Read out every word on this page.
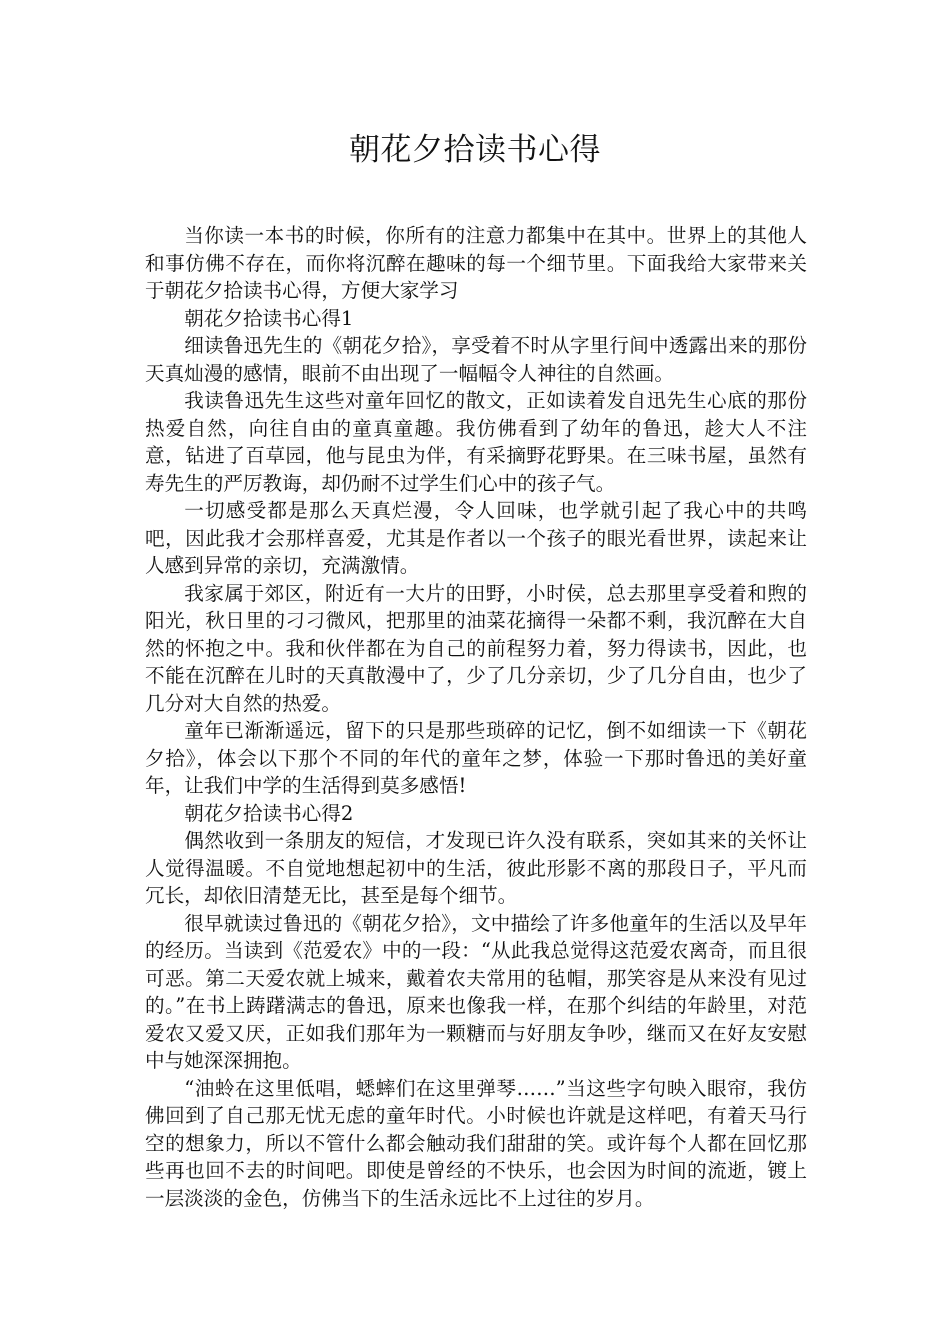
朝花夕拾读书心得

当你读一本书的时候，你所有的注意力都集中在其中。世界上的其他人和事仿佛不存在，而你将沉醉在趣味的每一个细节里。下面我给大家带来关于朝花夕拾读书心得，方便大家学习

朝花夕拾读书心得1

细读鲁迅先生的《朝花夕拾》，享受着不时从字里行间中透露出来的那份天真灿漫的感情，眼前不由出现了一幅幅令人神往的自然画。

我读鲁迅先生这些对童年回忆的散文，正如读着发自迅先生心底的那份热爱自然，向往自由的童真童趣。我仿佛看到了幼年的鲁迅，趁大人不注意，钻进了百草园，他与昆虫为伴，有采摘野花野果。在三味书屋，虽然有寿先生的严厉教诲，却仍耐不过学生们心中的孩子气。

一切感受都是那么天真烂漫，令人回味，也学就引起了我心中的共鸣吧，因此我才会那样喜爱，尤其是作者以一个孩子的眼光看世界，读起来让人感到异常的亲切，充满激情。

我家属于郊区，附近有一大片的田野，小时侯，总去那里享受着和煦的阳光，秋日里的刁刁微风，把那里的油菜花摘得一朵都不剩，我沉醉在大自然的怀抱之中。我和伙伴都在为自己的前程努力着，努力得读书，因此，也不能在沉醉在儿时的天真散漫中了，少了几分亲切，少了几分自由，也少了几分对大自然的热爱。

童年已渐渐遥远，留下的只是那些琐碎的记忆，倒不如细读一下《朝花夕拾》，体会以下那个不同的年代的童年之梦，体验一下那时鲁迅的美好童年，让我们中学的生活得到莫多感悟!

朝花夕拾读书心得2

偶然收到一条朋友的短信，才发现已许久没有联系，突如其来的关怀让人觉得温暖。不自觉地想起初中的生活，彼此形影不离的那段日子，平凡而冗长，却依旧清楚无比，甚至是每个细节。

很早就读过鲁迅的《朝花夕拾》，文中描绘了许多他童年的生活以及早年的经历。当读到《范爱农》中的一段：“从此我总觉得这范爱农离奇，而且很可恶。第二天爱农就上城来，戴着农夫常用的毡帽，那笑容是从来没有见过的。”在书上踌躇满志的鲁迅，原来也像我一样，在那个纠结的年龄里，对范爱农又爱又厌，正如我们那年为一颗糖而与好朋友争吵，继而又在好友安慰中与她深深拥抱。

“油蛉在这里低唱，蟋蟀们在这里弹琴……”当这些字句映入眼帘，我仿佛回到了自己那无忧无虑的童年时代。小时候也许就是这样吧，有着天马行空的想象力，所以不管什么都会触动我们甜甜的笑。或许每个人都在回忆那些再也回不去的时间吧。即使是曾经的不快乐，也会因为时间的流逝，镀上一层淡淡的金色，仿佛当下的生活永远比不上过往的岁月。
